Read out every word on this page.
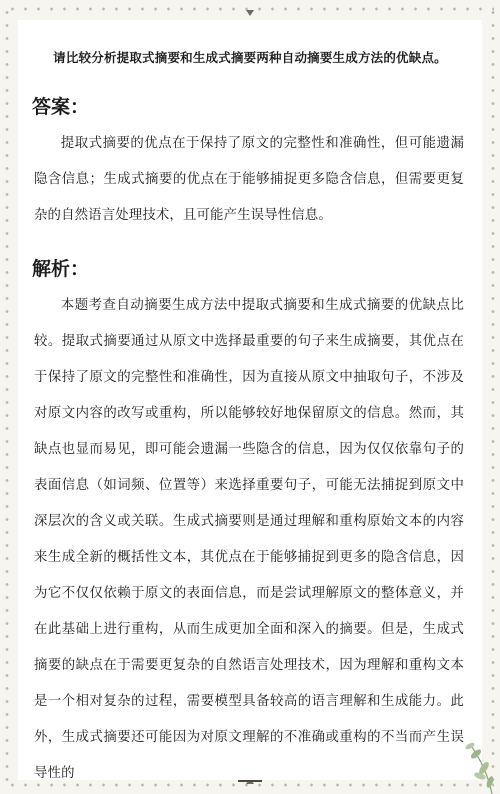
请比较分析提取式摘要和生成式摘要两种自动摘要生成方法的优缺点。
答案：

提取式摘要的优点在于保持了原文的完整性和准确性，但可能遗漏隐含信息；生成式摘要的优点在于能够捕捉更多隐含信息，但需要更复杂的自然语言处理技术，且可能产生误导性信息。

解析：

本题考查自动摘要生成方法中提取式摘要和生成式摘要的优缺点比较。提取式摘要通过从原文中选择最重要的句子来生成摘要，其优点在于保持了原文的完整性和准确性，因为直接从原文中抽取句子，不涉及对原文内容的改写或重构，所以能够较好地保留原文的信息。然而，其缺点也显而易见，即可能会遗漏一些隐含的信息，因为仅仅依靠句子的表面信息（如词频、位置等）来选择重要句子，可能无法捕捉到原文中深层次的含义或关联。生成式摘要则是通过理解和重构原始文本的内容来生成全新的概括性文本，其优点在于能够捕捉到更多的隐含信息，因为它不仅仅依赖于原文的表面信息，而是尝试理解原文的整体意义，并在此基础上进行重构，从而生成更加全面和深入的摘要。但是，生成式摘要的缺点在于需要更复杂的自然语言处理技术，因为理解和重构文本是一个相对复杂的过程，需要模型具备较高的语言理解和生成能力。此外，生成式摘要还可能因为对原文理解的不准确或重构的不当而产生误导性的
